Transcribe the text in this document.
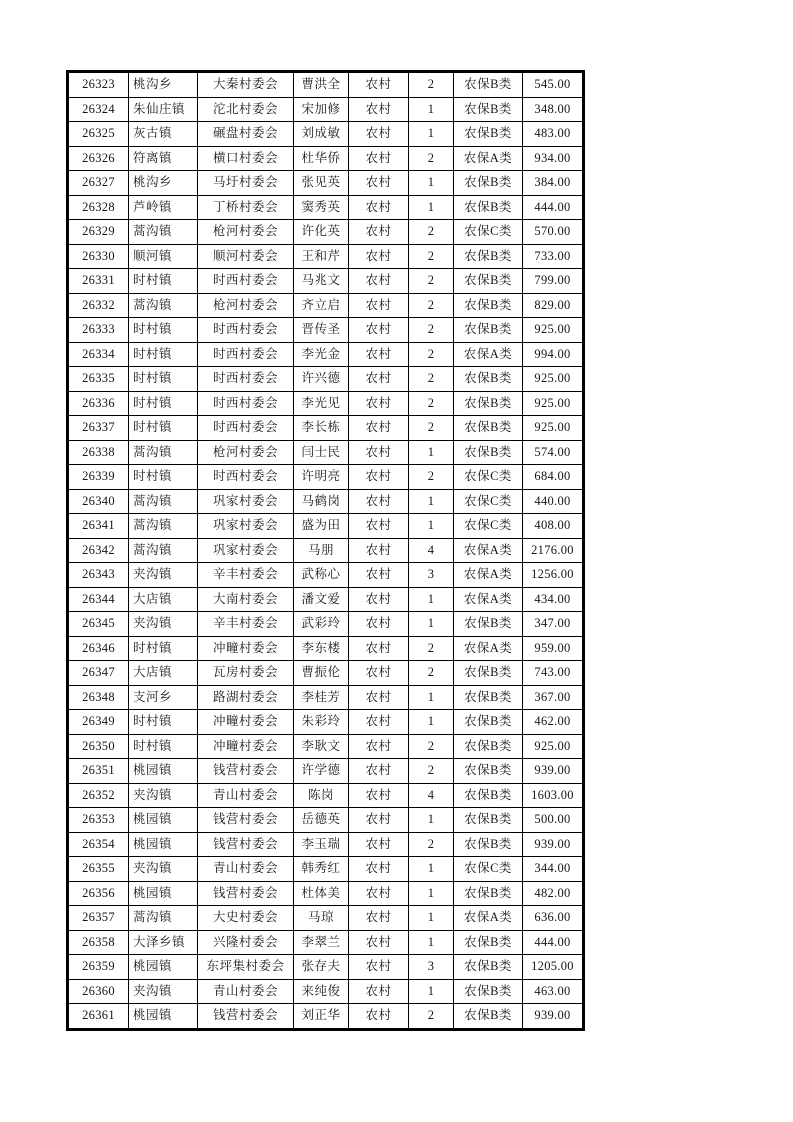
26323	桃沟乡	大秦村委会	曹洪全	农村	2	农保B类	545.00
26324	朱仙庄镇	沱北村委会	宋加修	农村	1	农保B类	348.00
26325	灰古镇	碾盘村委会	刘成敏	农村	1	农保B类	483.00
26326	符离镇	横口村委会	杜华侨	农村	2	农保A类	934.00
26327	桃沟乡	马圩村委会	张见英	农村	1	农保B类	384.00
26328	芦岭镇	丁桥村委会	窦秀英	农村	1	农保B类	444.00
26329	蒿沟镇	枪河村委会	许化英	农村	2	农保C类	570.00
26330	顺河镇	顺河村委会	王和芹	农村	2	农保B类	733.00
26331	时村镇	时西村委会	马兆文	农村	2	农保B类	799.00
26332	蒿沟镇	枪河村委会	齐立启	农村	2	农保B类	829.00
26333	时村镇	时西村委会	晋传圣	农村	2	农保B类	925.00
26334	时村镇	时西村委会	李光金	农村	2	农保A类	994.00
26335	时村镇	时西村委会	许兴德	农村	2	农保B类	925.00
26336	时村镇	时西村委会	李光见	农村	2	农保B类	925.00
26337	时村镇	时西村委会	李长栋	农村	2	农保B类	925.00
26338	蒿沟镇	枪河村委会	闫士民	农村	1	农保B类	574.00
26339	时村镇	时西村委会	许明亮	农村	2	农保C类	684.00
26340	蒿沟镇	巩家村委会	马鹤岗	农村	1	农保C类	440.00
26341	蒿沟镇	巩家村委会	盛为田	农村	1	农保C类	408.00
26342	蒿沟镇	巩家村委会	马朋	农村	4	农保A类	2176.00
26343	夹沟镇	辛丰村委会	武称心	农村	3	农保A类	1256.00
26344	大店镇	大南村委会	潘文爱	农村	1	农保A类	434.00
26345	夹沟镇	辛丰村委会	武彩玲	农村	1	农保B类	347.00
26346	时村镇	冲疃村委会	李东楼	农村	2	农保A类	959.00
26347	大店镇	瓦房村委会	曹振伦	农村	2	农保B类	743.00
26348	支河乡	路湖村委会	李桂芳	农村	1	农保B类	367.00
26349	时村镇	冲疃村委会	朱彩玲	农村	1	农保B类	462.00
26350	时村镇	冲疃村委会	李耿文	农村	2	农保B类	925.00
26351	桃园镇	钱营村委会	许学德	农村	2	农保B类	939.00
26352	夹沟镇	青山村委会	陈岗	农村	4	农保B类	1603.00
26353	桃园镇	钱营村委会	岳德英	农村	1	农保B类	500.00
26354	桃园镇	钱营村委会	李玉瑞	农村	2	农保B类	939.00
26355	夹沟镇	青山村委会	韩秀红	农村	1	农保C类	344.00
26356	桃园镇	钱营村委会	杜体美	农村	1	农保B类	482.00
26357	蒿沟镇	大史村委会	马琼	农村	1	农保A类	636.00
26358	大泽乡镇	兴隆村委会	李翠兰	农村	1	农保B类	444.00
26359	桃园镇	东坪集村委会	张存夫	农村	3	农保B类	1205.00
26360	夹沟镇	青山村委会	来纯俊	农村	1	农保B类	463.00
26361	桃园镇	钱营村委会	刘正华	农村	2	农保B类	939.00
